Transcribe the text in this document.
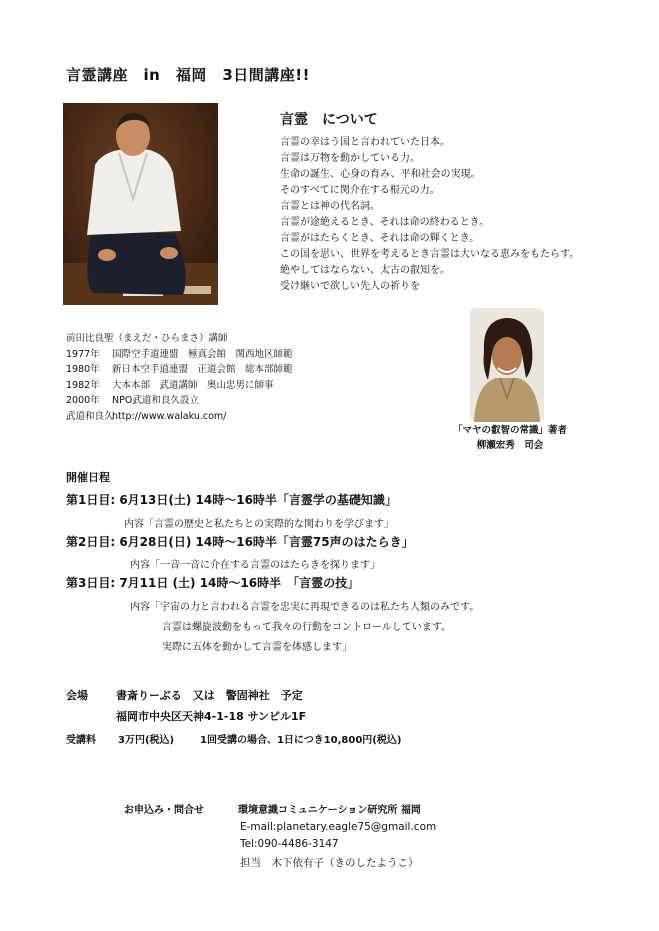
言霊講座　in　福岡　3日間講座!!
言霊　について
言霊の幸はう国と言われていた日本。
言霊は万物を動かしている力。
生命の誕生、心身の育み、平和社会の実現。
そのすべてに関介在する根元の力。
言霊とは神の代名詞。
言霊が途絶えるとき、それは命の終わるとき。
言霊がはたらくとき、それは命の輝くとき。
この国を思い、世界を考えるとき言霊は大いなる恵みをもたらす。
絶やしてはならない、太古の叡知を。
受け継いで欲しい先人の祈りを
前田比良聖（まえだ・ひらまさ）講師
1977年 国際空手道連盟　極真会館　関西地区師範
1980年 新日本空手道連盟　正道会館　総本部師範
1982年 大本本部　武道講師　奥山忠男に師事
2000年 NPO武道和良久設立
武道和良久http://www.walaku.com/
「マヤの叡智の常識」著者
柳瀬宏秀　司会
開催日程
第1日目: 6月13日(土) 14時〜16時半「言霊学の基礎知識」
内容「言霊の歴史と私たちとの実際的な関わりを学びます」
第2日目: 6月28日(日) 14時〜16時半「言霊75声のはたらき」
内容「一音一音に介在する言霊のはたらきを探ります」
第3日目: 7月11日 (土) 14時〜16時半　「言霊の技」
内容「宇宙の力と言われる言霊を忠実に再現できるのは私たち人類のみです。
言霊は螺旋波動をもって我々の行動をコントロールしています。
実際に五体を動かして言霊を体感します」
会場	書斎りーぶる　又は　警固神社　予定
福岡市中央区天神4-1-18 サンビル1F
受講料 3万円(税込)	1回受講の場合、1日につき10,800円(税込)
お申込み・問合せ	環境意識コミュニケーション研究所 福岡
E-mail:planetary.eagle75@gmail.com
Tel:090-4486-3147
担当　木下依有子（きのしたようこ）
